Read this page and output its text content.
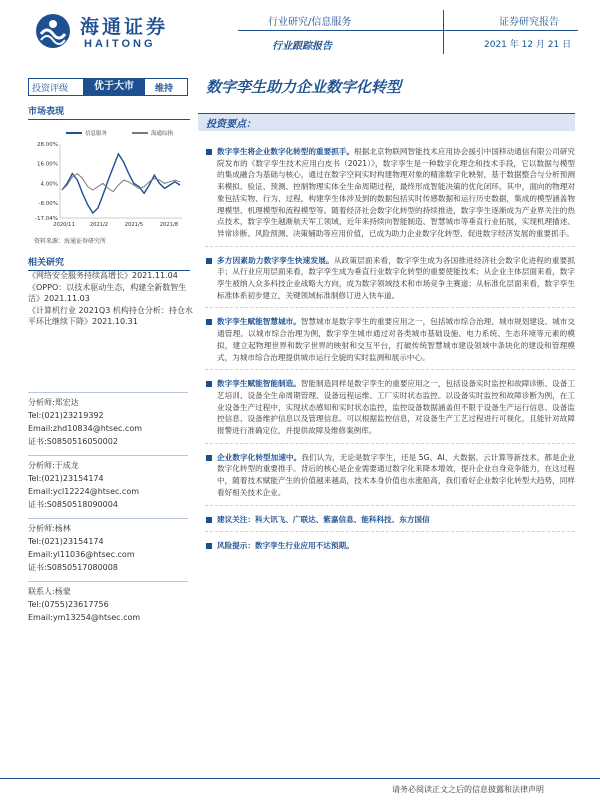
海通证券
HAITONG
行业研究/信息服务
行业跟踪报告
证券研究报告
2021 年 12 月 21 日
投资评级	优于大市	维持 数字孪生助力企业数字化转型
市场表现
信息服务	海通综指
28.00%
16.00%
4.00%
-8.00%
-17.04%
2020/11	2021/2	2021/5	2021/8
资料来源：海通证券研究所
相关研究
《网络安全服务持续高增长》2021.11.04
《OPPO：以技术驱动生态，构建全新数智生活》2021.11.03
《计算机行业 2021Q3 机构持仓分析：持仓水平环比继续下降》2021.10.31
分析师:郑宏达
Tel:(021)23219392
Email:zhd10834@htsec.com
证书:S0850516050002
分析师:于成龙
Tel:(021)23154174
Email:ycl12224@htsec.com
证书:S0850518090004
分析师:杨林
Tel:(021)23154174
Email:yl11036@htsec.com
证书:S0850517080008
联系人:杨蒙
Tel:(0755)23617756
Email:ym13254@htsec.com
投资要点：
数字孪生将企业数字化转型的重要抓手。根据北京物联网智能技术应用协会援引中国移动通信有限公司研究院发布的《数字孪生技术应用白皮书（2021）》，数字孪生是一种数字化理念和技术手段，它以数据与模型的集成融合为基础与核心，通过在数字空间实时构建物理对象的精准数字化映射，基于数据整合与分析预测来模拟、验证、预测、控制物理实体全生命周期过程，最终形成智能决策的优化闭环。其中，面向的物理对象包括实物、行为、过程，构建孪生体涉及到的数据包括实时传感数据和运行历史数据，集成的模型涵盖物理模型、机理模型和流程模型等。随着经济社会数字化转型的持续推进，数字孪生逐渐成为产业界关注的热点技术，数字孪生越渐航天军工领域，近年来持续向智能制造、智慧城市等垂直行业拓展，实现机理描述、异常诊断、风险预测、决策辅助等应用价值，已成为助力企业数字化转型、促进数字经济发展的重要抓手。
多方因素助力数字孪生快速发展。从政策层面来看，数字孪生成为各国推进经济社会数字化进程的重要抓手；从行业应用层面来看，数字孪生成为垂直行业数字化转型的重要使能技术；从企业主体层面来看，数字孪生被纳入众多科技企业战略大方向，成为数字领域技术和市场竞争主赛道；从标准化层面来看，数字孪生标准体系初步建立，关键领域标准制修订进入快车道。
数字孪生赋能智慧城市。智慧城市是数字孪生的重要应用之一，包括城市综合治理、城市规划建设、城市交通管理。以城市综合治理为例，数字孪生城市通过对各类城市基础设施、电力系统、生态环境等元素的模拟，建立起物理世界和数字世界的映射和交互平台，打破传统智慧城市建设领域中条块化的建设和管理模式，为城市综合治理提供城市运行全貌的实时监测和展示中心。
数字孪生赋能智能制造。智能制造同样是数字孪生的重要应用之一，包括设备实时监控和故障诊断、设备工艺培训、设备全生命周期管理、设备远程运维、工厂实时状态监控。以设备实时监控和故障诊断为例，在工业设备生产过程中，实现状态感知和实时状态监控，监控设备数据涵盖但不限于设备生产运行信息、设备监控信息、设备维护信息以及管理信息。可以根据监控信息，对设备生产工艺过程进行可视化，且能针对故障报警进行准确定位，并提供故障及维修案例库。
企业数字化转型加速中。我们认为，无论是数字孪生，还是 5G、AI、大数据、云计算等新技术，都是企业数字化转型的重要推手。背后的核心是企业需要通过数字化来降本增效，提升企业自身竞争能力，在这过程中，随着技术赋能产生的价值越来越高，技术本身价值也水涨船高，我们看好企业数字化转型大趋势，同样看好相关技术企业。
建议关注：科大讯飞、广联达、紫嘉信息、能科科技、东方国信
风险提示：数字孪生行业应用不达预期。
请务必阅读正文之后的信息披露和法律声明
